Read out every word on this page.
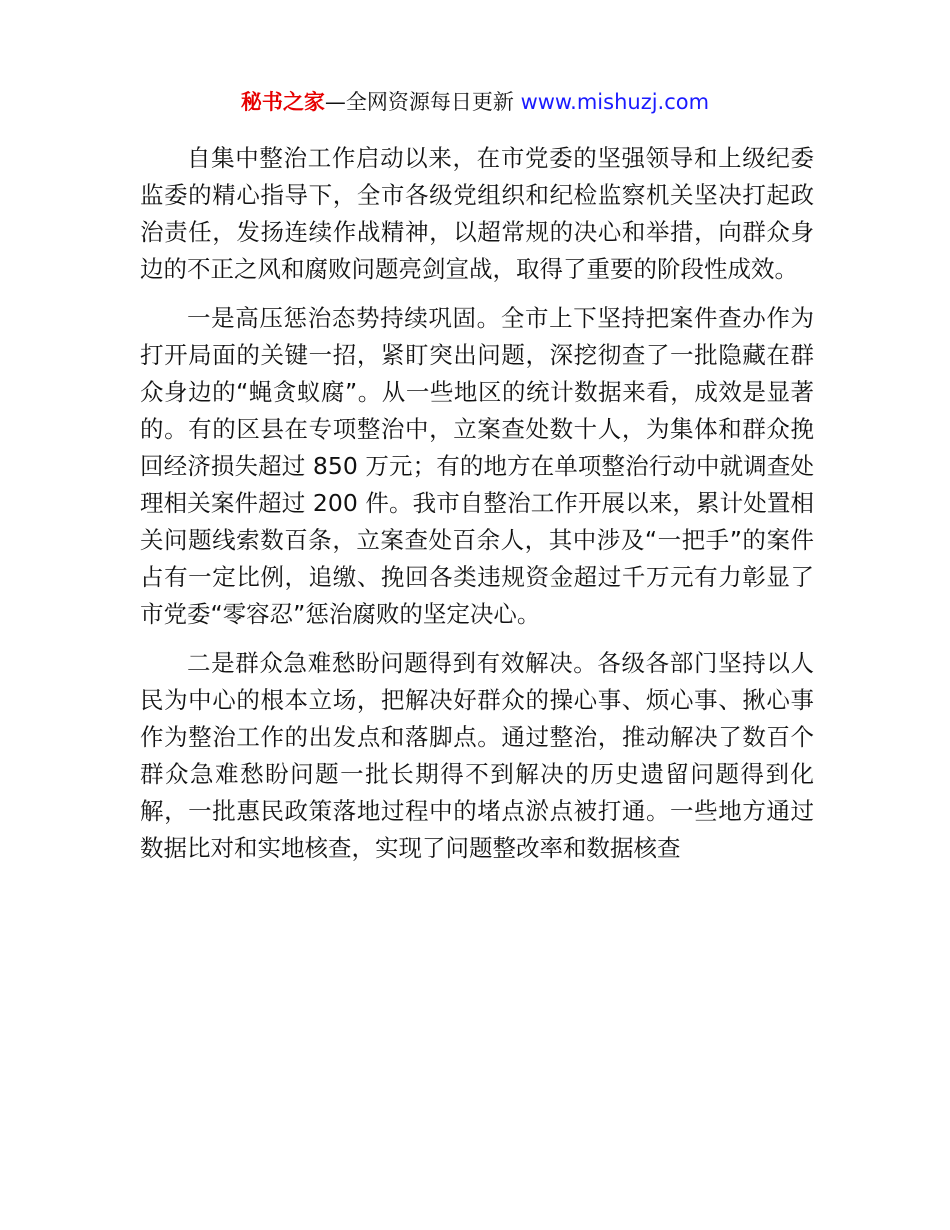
秘书之家—全网资源每日更新 www.mishuzj.com

自集中整治工作启动以来，在市党委的坚强领导和上级纪委监委的精心指导下，全市各级党组织和纪检监察机关坚决打起政治责任，发扬连续作战精神，以超常规的决心和举措，向群众身边的不正之风和腐败问题亮剑宣战，取得了重要的阶段性成效。

一是高压惩治态势持续巩固。全市上下坚持把案件查办作为打开局面的关键一招，紧盯突出问题，深挖彻查了一批隐藏在群众身边的“蝇贪蚁腐”。从一些地区的统计数据来看，成效是显著的。有的区县在专项整治中，立案查处数十人，为集体和群众挽回经济损失超过 850 万元；有的地方在单项整治行动中就调查处理相关案件超过 200 件。我市自整治工作开展以来，累计处置相关问题线索数百条，立案查处百余人，其中涉及“一把手”的案件占有一定比例，追缴、挽回各类违规资金超过千万元有力彰显了市党委“零容忍”惩治腐败的坚定决心。

二是群众急难愁盼问题得到有效解决。各级各部门坚持以人民为中心的根本立场，把解决好群众的操心事、烦心事、揪心事作为整治工作的出发点和落脚点。通过整治，推动解决了数百个群众急难愁盼问题一批长期得不到解决的历史遗留问题得到化解，一批惠民政策落地过程中的堵点淤点被打通。一些地方通过数据比对和实地核查，实现了问题整改率和数据核查
